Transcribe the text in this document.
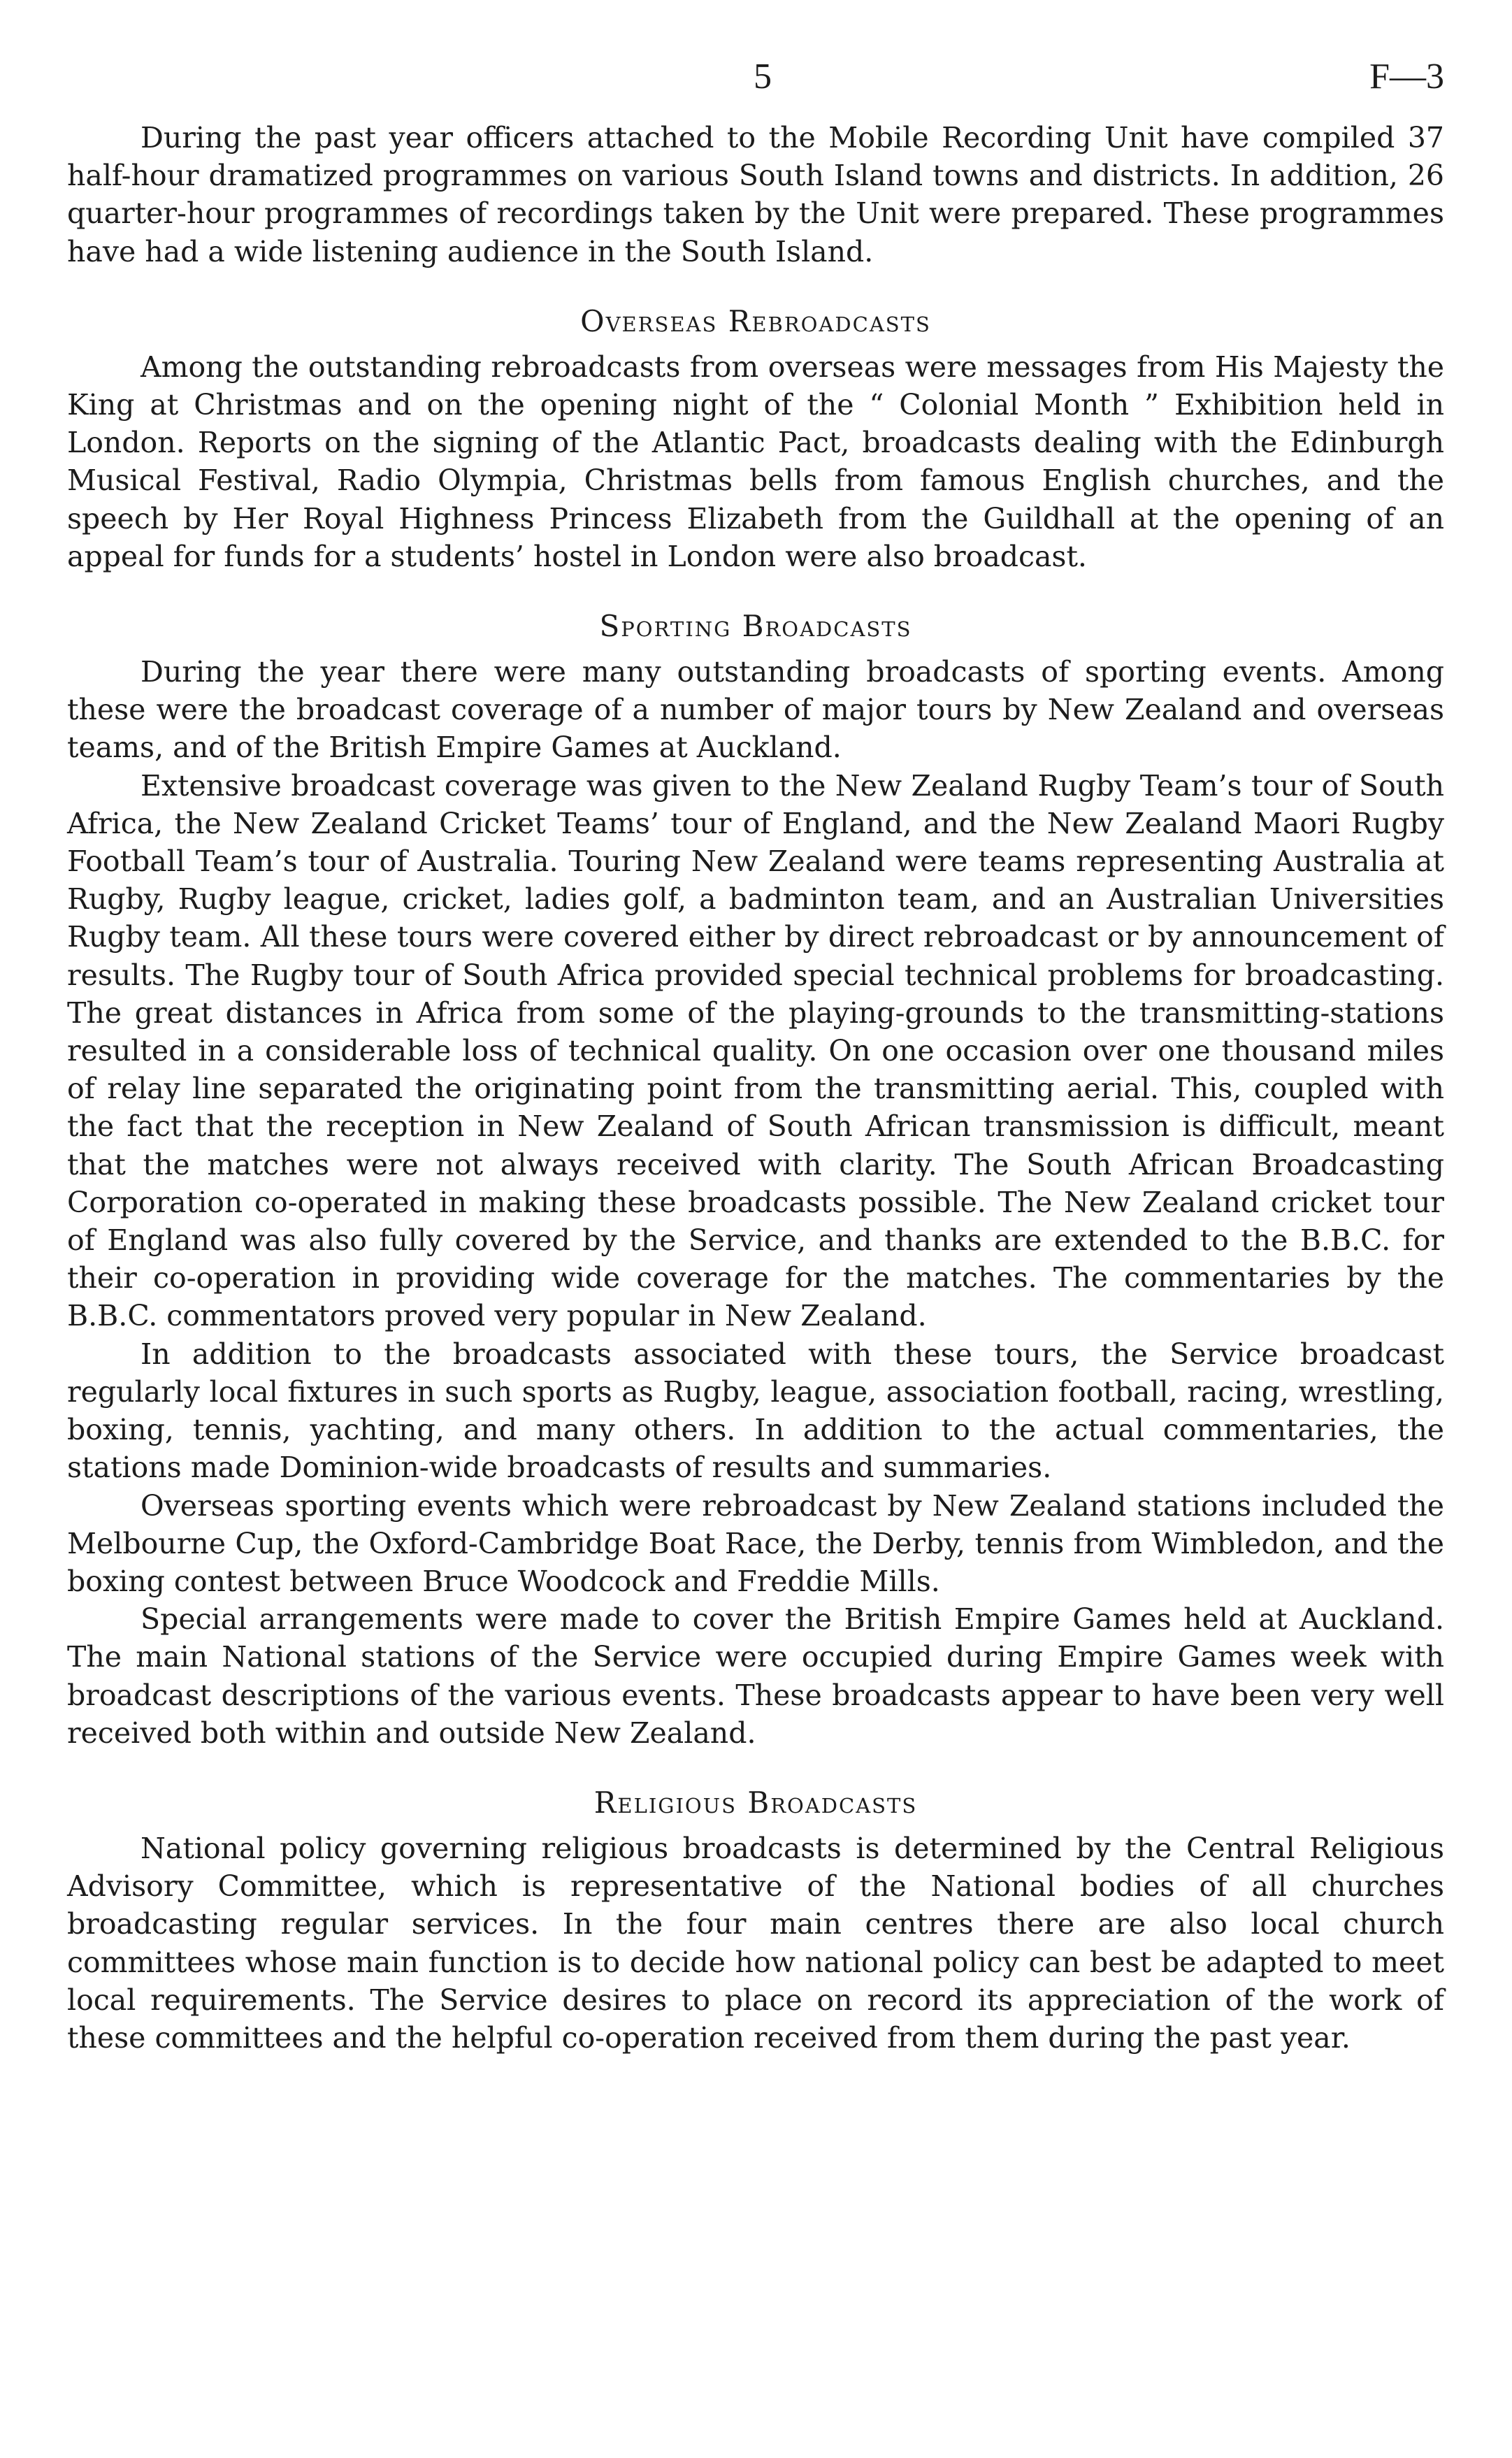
5	F—3

During the past year officers attached to the Mobile Recording Unit have compiled 37 half-hour dramatized programmes on various South Island towns and districts. In addition, 26 quarter-hour programmes of recordings taken by the Unit were prepared. These programmes have had a wide listening audience in the South Island.

Overseas Rebroadcasts

Among the outstanding rebroadcasts from overseas were messages from His Majesty the King at Christmas and on the opening night of the “ Colonial Month ” Exhibition held in London. Reports on the signing of the Atlantic Pact, broadcasts dealing with the Edinburgh Musical Festival, Radio Olympia, Christmas bells from famous English churches, and the speech by Her Royal Highness Princess Elizabeth from the Guildhall at the opening of an appeal for funds for a students’ hostel in London were also broadcast.

Sporting Broadcasts

During the year there were many outstanding broadcasts of sporting events. Among these were the broadcast coverage of a number of major tours by New Zealand and overseas teams, and of the British Empire Games at Auckland.

Extensive broadcast coverage was given to the New Zealand Rugby Team’s tour of South Africa, the New Zealand Cricket Teams’ tour of England, and the New Zealand Maori Rugby Football Team’s tour of Australia. Touring New Zealand were teams representing Australia at Rugby, Rugby league, cricket, ladies golf, a badminton team, and an Australian Universities Rugby team. All these tours were covered either by direct rebroadcast or by announcement of results. The Rugby tour of South Africa provided special technical problems for broadcasting. The great distances in Africa from some of the playing-grounds to the transmitting-stations resulted in a considerable loss of technical quality. On one occasion over one thousand miles of relay line separated the originating point from the transmitting aerial. This, coupled with the fact that the reception in New Zealand of South African transmission is difficult, meant that the matches were not always received with clarity. The South African Broadcasting Corporation co-operated in making these broadcasts possible. The New Zealand cricket tour of England was also fully covered by the Service, and thanks are extended to the B.B.C. for their co-operation in providing wide coverage for the matches. The commentaries by the B.B.C. commentators proved very popular in New Zealand.

In addition to the broadcasts associated with these tours, the Service broadcast regularly local fixtures in such sports as Rugby, league, association football, racing, wrestling, boxing, tennis, yachting, and many others. In addition to the actual commentaries, the stations made Dominion-wide broadcasts of results and summaries.

Overseas sporting events which were rebroadcast by New Zealand stations included the Melbourne Cup, the Oxford-Cambridge Boat Race, the Derby, tennis from Wimbledon, and the boxing contest between Bruce Woodcock and Freddie Mills.

Special arrangements were made to cover the British Empire Games held at Auckland. The main National stations of the Service were occupied during Empire Games week with broadcast descriptions of the various events. These broadcasts appear to have been very well received both within and outside New Zealand.

Religious Broadcasts

National policy governing religious broadcasts is determined by the Central Religious Advisory Committee, which is representative of the National bodies of all churches broadcasting regular services. In the four main centres there are also local church committees whose main function is to decide how national policy can best be adapted to meet local requirements. The Service desires to place on record its appreciation of the work of these committees and the helpful co-operation received from them during the past year.
